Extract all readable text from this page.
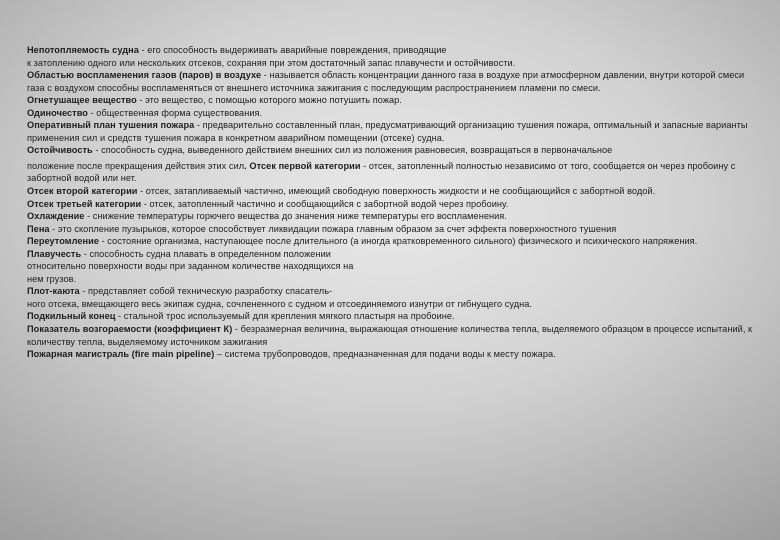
Непотопляемость судна - его способность выдерживать аварийные повреждения, приводящие
к затоплению одного или нескольких отсеков, сохраняя при этом достаточный запас плавучести и остойчивости.

Областью воспламенения газов (паров) в воздухе - называется область концентрации данного газа в воздухе при атмосферном давлении, внутри которой смеси газа с воздухом способны воспламеняться от внешнего источника зажигания с последующим распространением пламени по смеси.

Огнетушащее вещество - это вещество, с помощью которого можно потушить пожар.

Одиночество - общественная форма существования.

Оперативный план тушения пожара - предварительно составленный план, предусматривающий организацию тушения пожара, оптимальный и запасные варианты применения сил и средств тушения пожара в конкретном аварийном помещении (отсеке) судна.

Остойчивость - способность судна, выведенного действием внешних сил из положения равновесия, возвращаться в первоначальное

положение после прекращения действия этих сил. Отсек первой категории - отсек, затопленный полностью независимо от того, сообщается он через пробоину с забортной водой или нет.

Отсек второй категории - отсек, затапливаемый частично, имеющий свободную поверхность жидкости и не сообщающийся с забортной водой.

Отсек третьей категории - отсек, затопленный частично и сообщающийся с забортной водой через пробоину.

Охлаждение - снижение температуры горючего вещества до значения ниже температуры его воспламенения.

Пена - это скопление пузырьков, которое способствует ликвидации пожара главным образом за счет эффекта поверхностного тушения

Переутомление - состояние организма, наступающее после длительного (а иногда кратковременного сильного) физического и психического напряжения.

Плавучесть - способность судна плавать в определенном положении
относительно поверхности воды при заданном количестве находящихся на
нем грузов.

Плот-каюта - представляет собой техническую разработку спасатель-
ного отсека, вмещающего весь экипаж судна, сочлененного с судном и отсоединяемого изнутри от гибнущего судна.

Подкильный конец - стальной трос используемый для крепления мягкого пластыря на пробоине.

Показатель возгораемости (коэффициент К) - безразмерная величина, выражающая отношение количества тепла, выделяемого образцом в процессе испытаний, к количеству тепла, выделяемому источником зажигания

Пожарная магистраль (fire main pipeline) – система трубопроводов, предназначенная для подачи воды к месту пожара.
